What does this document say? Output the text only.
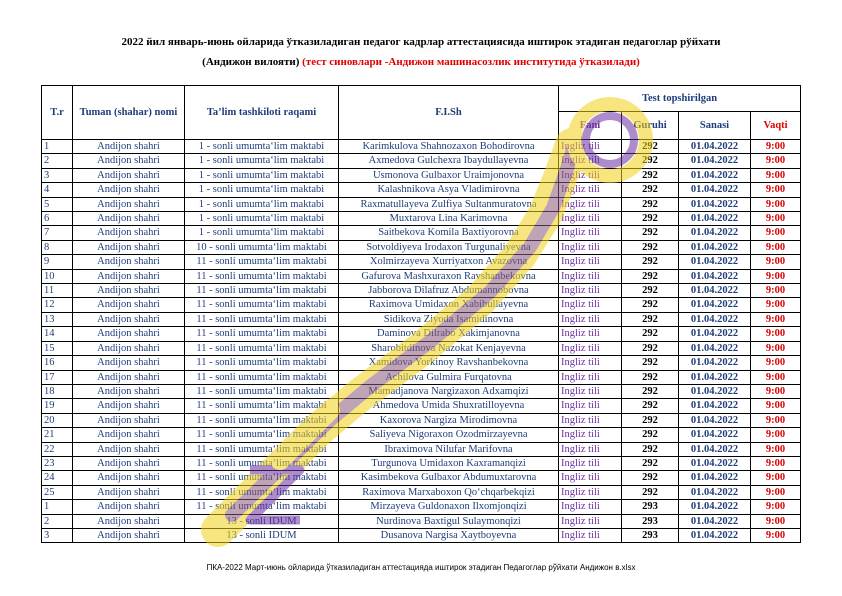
2022 йил январь-июнь ойларида ўтказиладиган педагог кадрлар аттестациясида иштирок этадиган педагоглар рўйхати
(Андижон вилояти) (тест синовлари -Андижон машинасозлик институтида ўтказилади)
T.r	Tuman (shahar) nomi	Ta’lim tashkiloti raqami	F.I.Sh	Test topshirilgan			
				Fani	Guruhi	Sanasi	Vaqti
1	Andijon shahri	1 - sonli umumta‘lim maktabi	Karimkulova Shahnozaxon Bohodirovna	Ingliz tili	292	01.04.2022	9:00
2	Andijon shahri	1 - sonli umumta‘lim maktabi	Axmedova Gulchexra Ibaydullayevna	Ingliz tili	292	01.04.2022	9:00
3	Andijon shahri	1 - sonli umumta‘lim maktabi	Usmonova Gulbaxor Uraimjonovna	Ingliz tili	292	01.04.2022	9:00
4	Andijon shahri	1 - sonli umumta‘lim maktabi	Kalashnikova Asya Vladimirovna	Ingliz tili	292	01.04.2022	9:00
5	Andijon shahri	1 - sonli umumta‘lim maktabi	Raxmatullayeva Zulfiya Sultanmuratovna	Ingliz tili	292	01.04.2022	9:00
6	Andijon shahri	1 - sonli umumta‘lim maktabi	Muxtarova Lina Karimovna	Ingliz tili	292	01.04.2022	9:00
7	Andijon shahri	1 - sonli umumta‘lim maktabi	Saitbekova Komila Baxtiyorovna	Ingliz tili	292	01.04.2022	9:00
8	Andijon shahri	10 - sonli umumta‘lim maktabi	Sotvoldiyeva Irodaxon Turgunaliyevna	Ingliz tili	292	01.04.2022	9:00
9	Andijon shahri	11 - sonli umumta‘lim maktabi	Xolmirzayeva Xurriyatxon Avazovna	Ingliz tili	292	01.04.2022	9:00
10	Andijon shahri	11 - sonli umumta‘lim maktabi	Gafurova Mashxuraxon Ravshanbekovna	Ingliz tili	292	01.04.2022	9:00
11	Andijon shahri	11 - sonli umumta‘lim maktabi	Jabborova Dilafruz Abdumannobovna	Ingliz tili	292	01.04.2022	9:00
12	Andijon shahri	11 - sonli umumta‘lim maktabi	Raximova Umidaxon Xabibullayevna	Ingliz tili	292	01.04.2022	9:00
13	Andijon shahri	11 - sonli umumta‘lim maktabi	Sidikova Ziyoda Isamidinovna	Ingliz tili	292	01.04.2022	9:00
14	Andijon shahri	11 - sonli umumta‘lim maktabi	Daminova Dilrabo Xakimjanovna	Ingliz tili	292	01.04.2022	9:00
15	Andijon shahri	11 - sonli umumta‘lim maktabi	Sharobitdinova Nazokat Kenjayevna	Ingliz tili	292	01.04.2022	9:00
16	Andijon shahri	11 - sonli umumta‘lim maktabi	Xamidova Yorkinoy Ravshanbekovna	Ingliz tili	292	01.04.2022	9:00
17	Andijon shahri	11 - sonli umumta‘lim maktabi	Achilova Gulmira Furqatovna	Ingliz tili	292	01.04.2022	9:00
18	Andijon shahri	11 - sonli umumta‘lim maktabi	Mamadjanova Nargizaxon Adxamqizi	Ingliz tili	292	01.04.2022	9:00
19	Andijon shahri	11 - sonli umumta‘lim maktabi	Ahmedova Umida Shuxratilloyevna	Ingliz tili	292	01.04.2022	9:00
20	Andijon shahri	11 - sonli umumta‘lim maktabi	Kaxorova Nargiza Mirodimovna	Ingliz tili	292	01.04.2022	9:00
21	Andijon shahri	11 - sonli umumta‘lim maktabi	Saliyeva Nigoraxon Ozodmirzayevna	Ingliz tili	292	01.04.2022	9:00
22	Andijon shahri	11 - sonli umumta‘lim maktabi	Ibraximova Nilufar Marifovna	Ingliz tili	292	01.04.2022	9:00
23	Andijon shahri	11 - sonli umumta‘lim maktabi	Turgunova Umidaxon Kaxramanqizi	Ingliz tili	292	01.04.2022	9:00
24	Andijon shahri	11 - sonli umumta‘lim maktabi	Kasimbekova Gulbaxor Abdumuxtarovna	Ingliz tili	292	01.04.2022	9:00
25	Andijon shahri	11 - sonli umumta‘lim maktabi	Raximova Marxaboxon Qo‘chqarbekqizi	Ingliz tili	292	01.04.2022	9:00
1	Andijon shahri	11 - sonli umumta‘lim maktabi	Mirzayeva Guldonaxon Ilxomjonqizi	Ingliz tili	293	01.04.2022	9:00
2	Andijon shahri	13 - sonli IDUM	Nurdinova Baxtigul Sulaymonqizi	Ingliz tili	293	01.04.2022	9:00
3	Andijon shahri	13 - sonli IDUM	Dusanova Nargisa Xaytboyevna	Ingliz tili	293	01.04.2022	9:00
ПКА-2022 Март-июнь ойларида ўтказиладиган аттестацияда иштирок этадиган Педагоглар рўйхати Андижон в.xlsx
